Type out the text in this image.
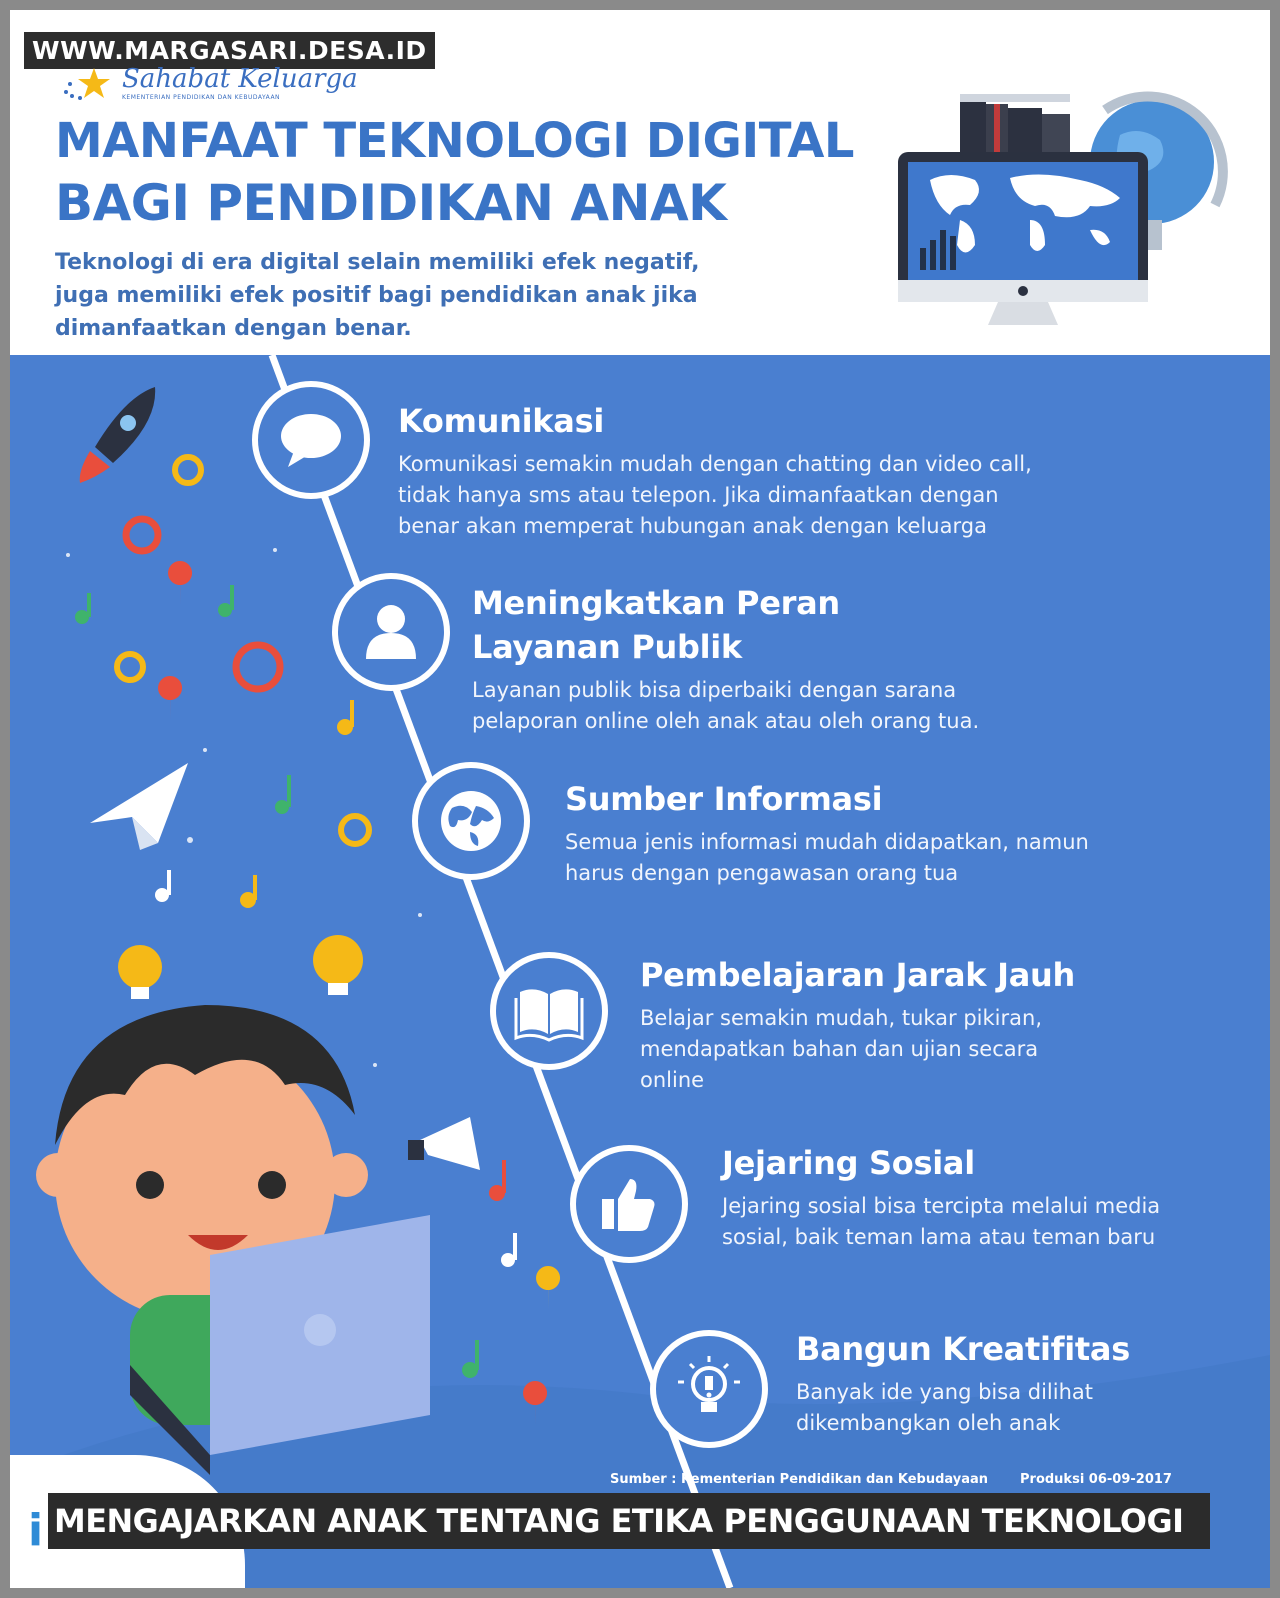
WWW.MARGASARI.DESA.ID
Sahabat Keluarga
KEMENTERIAN PENDIDIKAN DAN KEBUDAYAAN
MANFAAT TEKNOLOGI DIGITAL
BAGI PENDIDIKAN ANAK
Teknologi di era digital selain memiliki efek negatif, juga memiliki efek positif bagi pendidikan anak jika dimanfaatkan dengan benar.
Komunikasi

Komunikasi semakin mudah dengan chatting dan video call, tidak hanya sms atau telepon. Jika dimanfaatkan dengan benar akan memperat hubungan anak dengan keluarga

Meningkatkan Peran Layanan Publik

Layanan publik bisa diperbaiki dengan sarana pelaporan online oleh anak atau oleh orang tua.

Sumber Informasi

Semua jenis informasi mudah didapatkan, namun harus dengan pengawasan orang tua

Pembelajaran Jarak Jauh

Belajar semakin mudah, tukar pikiran, mendapatkan bahan dan ujian secara online

Jejaring Sosial

Jejaring sosial bisa tercipta melalui media sosial, baik teman lama atau teman baru

Bangun Kreatifitas

Banyak ide yang bisa dilihat dikembangkan oleh anak

Sumber : Kementerian Pendidikan dan Kebudayaan Produksi 06-09-2017
i MENGAJARKAN ANAK TENTANG ETIKA PENGGUNAAN TEKNOLOGI
